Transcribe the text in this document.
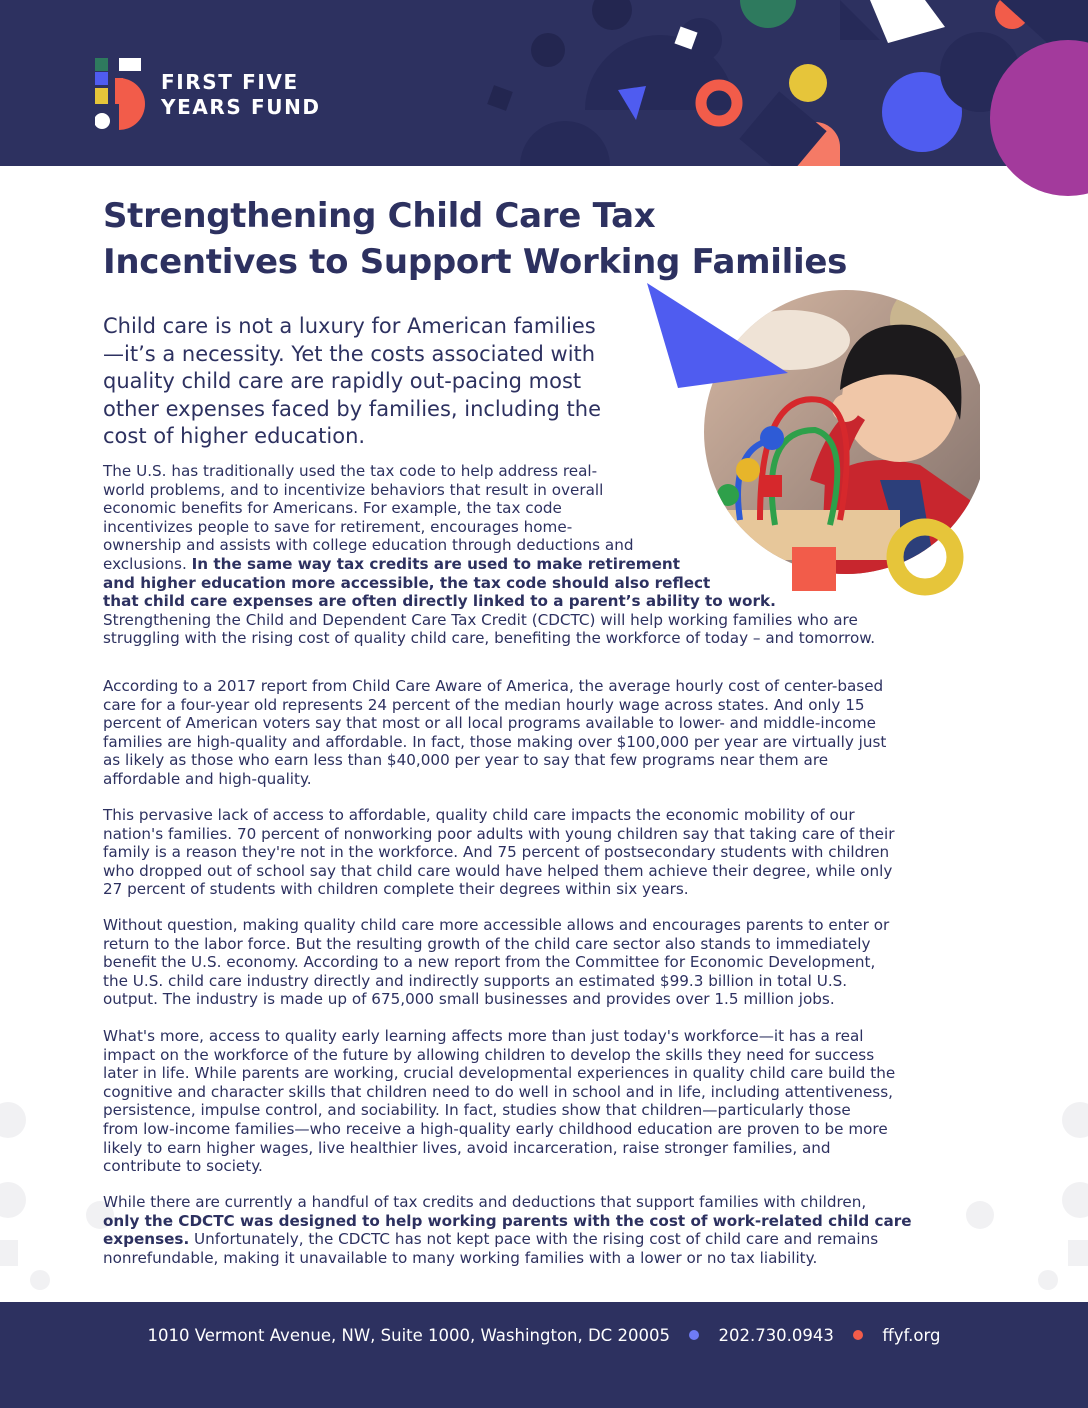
FIRST FIVE
YEARS FUND
Strengthening Child Care Tax
Incentives to Support Working Families
Child care is not a luxury for American families
—it’s a necessity. Yet the costs associated with
quality child care are rapidly out-pacing most
other expenses faced by families, including the
cost of higher education.
The U.S. has traditionally used the tax code to help address real-
world problems, and to incentivize behaviors that result in overall
economic benefits for Americans. For example, the tax code
incentivizes people to save for retirement, encourages home-
ownership and assists with college education through deductions and
exclusions. In the same way tax credits are used to make retirement
and higher education more accessible, the tax code should also reflect
that child care expenses are often directly linked to a parent’s ability to work.
Strengthening the Child and Dependent Care Tax Credit (CDCTC) will help working families who are
struggling with the rising cost of quality child care, benefiting the workforce of today – and tomorrow.
According to a 2017 report from Child Care Aware of America, the average hourly cost of center-based
care for a four-year old represents 24 percent of the median hourly wage across states. And only 15
percent of American voters say that most or all local programs available to lower- and middle-income
families are high-quality and affordable. In fact, those making over $100,000 per year are virtually just
as likely as those who earn less than $40,000 per year to say that few programs near them are
affordable and high-quality.
This pervasive lack of access to affordable, quality child care impacts the economic mobility of our
nation's families. 70 percent of nonworking poor adults with young children say that taking care of their
family is a reason they're not in the workforce. And 75 percent of postsecondary students with children
who dropped out of school say that child care would have helped them achieve their degree, while only
27 percent of students with children complete their degrees within six years.
Without question, making quality child care more accessible allows and encourages parents to enter or
return to the labor force. But the resulting growth of the child care sector also stands to immediately
benefit the U.S. economy. According to a new report from the Committee for Economic Development,
the U.S. child care industry directly and indirectly supports an estimated $99.3 billion in total U.S.
output. The industry is made up of 675,000 small businesses and provides over 1.5 million jobs.
What's more, access to quality early learning affects more than just today's workforce—it has a real
impact on the workforce of the future by allowing children to develop the skills they need for success
later in life. While parents are working, crucial developmental experiences in quality child care build the
cognitive and character skills that children need to do well in school and in life, including attentiveness,
persistence, impulse control, and sociability. In fact, studies show that children—particularly those
from low-income families—who receive a high-quality early childhood education are proven to be more
likely to earn higher wages, live healthier lives, avoid incarceration, raise stronger families, and
contribute to society.
While there are currently a handful of tax credits and deductions that support families with children,
only the CDCTC was designed to help working parents with the cost of work-related child care
expenses. Unfortunately, the CDCTC has not kept pace with the rising cost of child care and remains
nonrefundable, making it unavailable to many working families with a lower or no tax liability.
1010 Vermont Avenue, NW, Suite 1000, Washington, DC 20005	202.730.0943	ffyf.org
